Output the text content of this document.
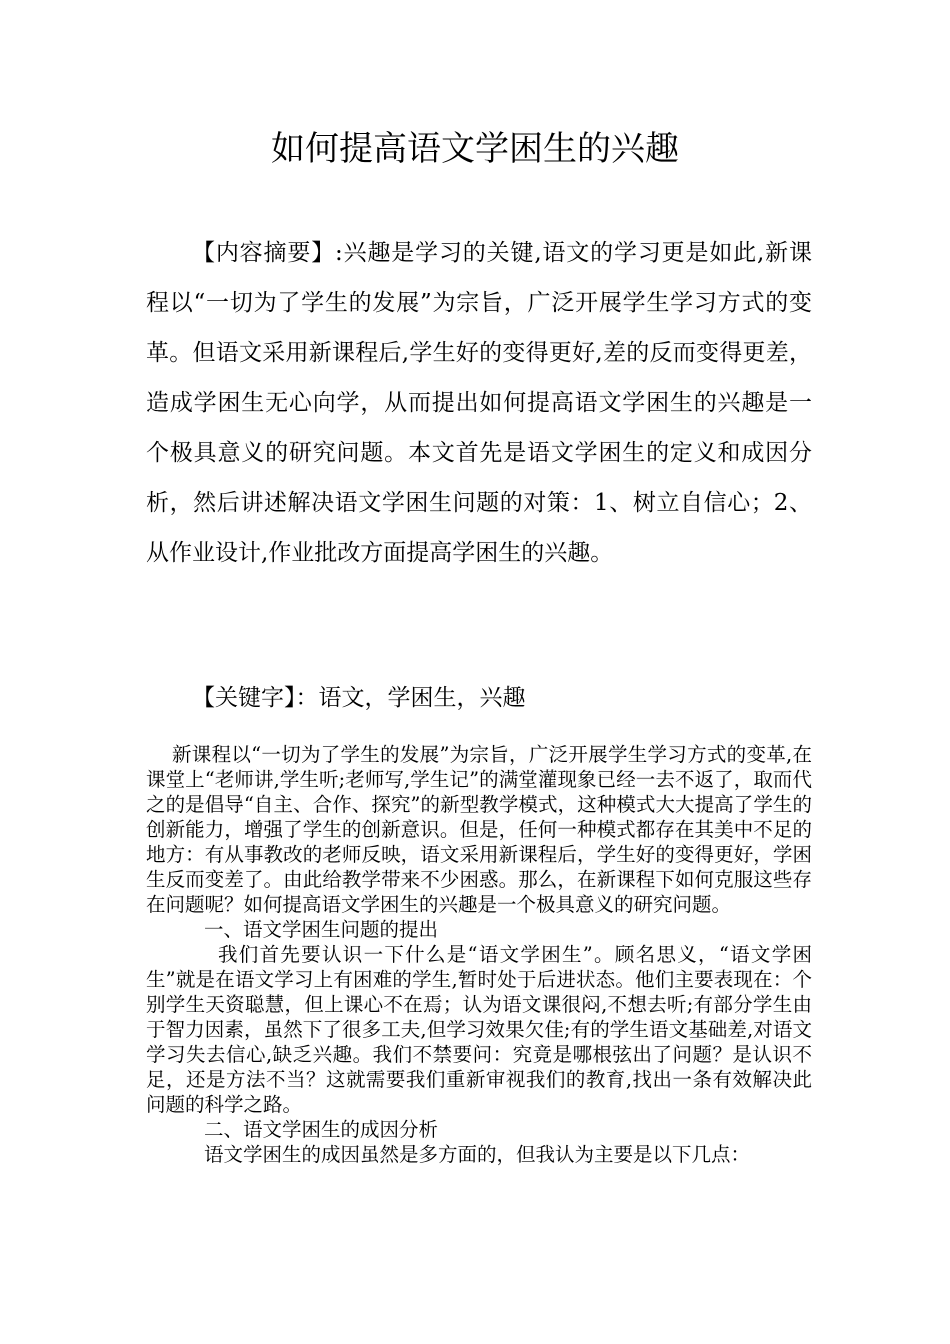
如何提高语文学困生的兴趣

【内容摘要】:兴趣是学习的关键,语文的学习更是如此,新课程以“一切为了学生的发展”为宗旨，广泛开展学生学习方式的变革。但语文采用新课程后,学生好的变得更好,差的反而变得更差，造成学困生无心向学，从而提出如何提高语文学困生的兴趣是一个极具意义的研究问题。本文首先是语文学困生的定义和成因分析，然后讲述解决语文学困生问题的对策：1、树立自信心；2、从作业设计,作业批改方面提高学困生的兴趣。

【关键字】：语文，学困生，兴趣

新课程以“一切为了学生的发展”为宗旨，广泛开展学生学习方式的变革,在课堂上“老师讲,学生听;老师写,学生记”的满堂灌现象已经一去不返了，取而代之的是倡导“自主、合作、探究”的新型教学模式，这种模式大大提高了学生的创新能力，增强了学生的创新意识。但是，任何一种模式都存在其美中不足的地方：有从事教改的老师反映，语文采用新课程后，学生好的变得更好，学困生反而变差了。由此给教学带来不少困惑。那么，在新课程下如何克服这些存在问题呢？如何提高语文学困生的兴趣是一个极具意义的研究问题。

一、语文学困生问题的提出

我们首先要认识一下什么是“语文学困生”。顾名思义，“语文学困生”就是在语文学习上有困难的学生,暂时处于后进状态。他们主要表现在：个别学生天资聪慧，但上课心不在焉；认为语文课很闷,不想去听;有部分学生由于智力因素，虽然下了很多工夫,但学习效果欠佳;有的学生语文基础差,对语文学习失去信心,缺乏兴趣。我们不禁要问：究竟是哪根弦出了问题？是认识不足，还是方法不当？这就需要我们重新审视我们的教育,找出一条有效解决此问题的科学之路。

二、语文学困生的成因分析

语文学困生的成因虽然是多方面的，但我认为主要是以下几点：
